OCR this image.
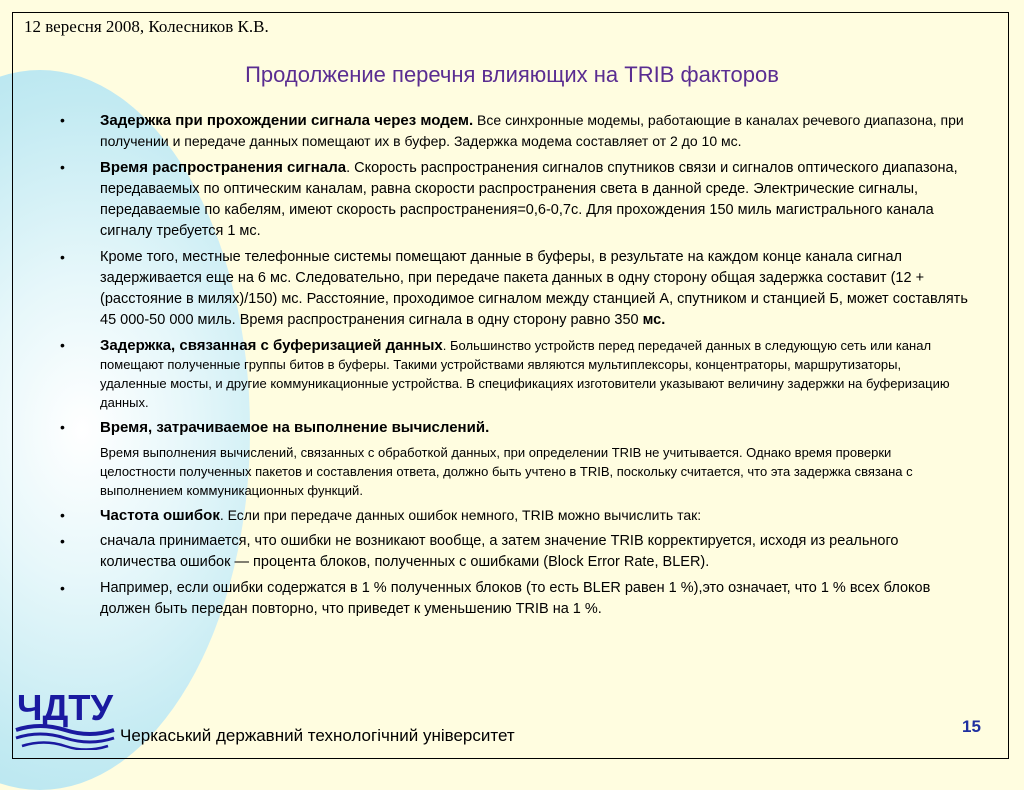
12 вересня 2008, Колесников К.В.
Продолжение перечня влияющих на TRIB факторов
• Задержка при прохождении сигнала через модем. Все синхронные модемы, работающие в каналах речевого диапазона, при получении и передаче данных помещают их в буфер. Задержка модема составляет от 2 до 10 мс.
• Время распространения сигнала. Скорость распространения сигналов спутников связи и сигналов оптического диапазона, передаваемых по оптическим каналам, равна скорости распространения света в данной среде. Электрические сигналы, передаваемые по кабелям, имеют скорость распространения=0,6-0,7с. Для прохождения 150 миль магистрального канала сигналу требуется 1 мс.
• Кроме того, местные телефонные системы помещают данные в буферы, в результате на каждом конце канала сигнал задерживается еще на 6 мс. Следовательно, при передаче пакета данных в одну сторону общая задержка составит (12 + (расстояние в милях)/150) мс. Расстояние, проходимое сигналом между станцией А, спутником и станцией Б, может составлять 45 000-50 000 миль. Время распространения сигнала в одну сторону равно 350 мс.
• Задержка, связанная с буферизацией данных. Большинство устройств перед передачей данных в следующую сеть или канал помещают полученные группы битов в буферы. Такими устройствами являются мультиплексоры, концентраторы, маршрутизаторы, удаленные мосты, и другие коммуникационные устройства. В спецификациях изготовители указывают величину задержки на буферизацию данных.
• Время, затрачиваемое на выполнение вычислений.
Время выполнения вычислений, связанных с обработкой данных, при определении TRIB не учитывается. Однако время проверки целостности полученных пакетов и составления ответа, должно быть учтено в TRIB, поскольку считается, что эта задержка связана с выполнением коммуникационных функций.
• Частота ошибок. Если при передаче данных ошибок немного, TRIB можно вычислить так:
• сначала принимается, что ошибки не возникают вообще, а затем значение TRIB корректируется, исходя из реального количества ошибок — процента блоков, полученных с ошибками (Block Error Rate, BLER).
• Например, если ошибки содержатся в 1 % полученных блоков (то есть BLER равен 1 %),это означает, что 1 % всех блоков должен быть передан повторно, что приведет к уменьшению TRIB на 1 %.
ЧДТУ
Черкаський державний технологічний університет	15
